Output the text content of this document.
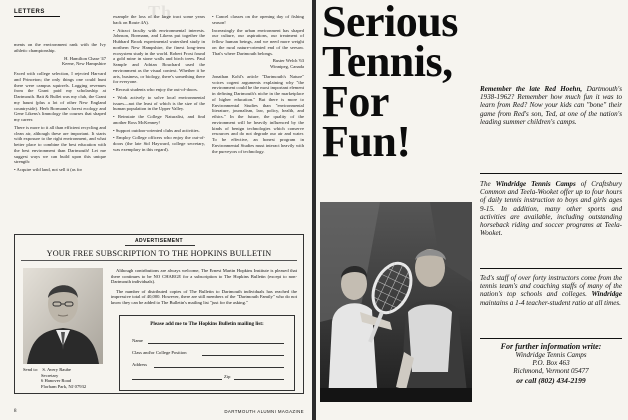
Th
LETTERS

ments on the environment rank with the Ivy athletic championship.

H. Hamilton Chase '47
Keene, New Hampshire

Faced with college selection, I rejected Harvard and Princeton; the only things one could hunt there were campus squirrels. Logging revenues from the Grant paid my scholarship at Dartmouth. Bait & Bullet was my club, the Grant my haunt (plus a lot of other New England countryside). Herb Bormann's forest ecology and Gene Likens's limnology the courses that shaped my career.

There is more to it all than efficient recycling and clean air, although these are important. It starts with exposure to the right environment, and what better place to combine the best education with the best environment than Dartmouth! Let me suggest ways we can build upon this unique strength:

• Acquire wild land, not sell it (as for

example the loss of the large tract some years back on Route 4A).

• Attract faculty with environmental interests. Johnson, Bormann, and Likens put together the Hubbard Brook experimental watershed study in northern New Hampshire, the finest long-term ecosystem study in the world. Robert Frost found a gold mine in stone walls and birch trees. Paul Sample and Adrian Bouchard used the environment as the visual context. Whether it be arts, business, or biology, there's something there for everyone.

• Recruit students who enjoy the out-of-doors.

• Work actively to solve local environmental issues—not the least of which is the size of the human population in the Upper Valley.

• Reinstate the College Naturalist, and find another Ross McKenney!

• Support outdoor-oriented clubs and activities.

• Employ College officers who enjoy the out-of-doors (the late Sid Hayward, college secretary, was exemplary in this regard).

• Cancel classes on the opening day of fishing season!

Increasingly the urban environment has shaped our culture, our aspirations, our treatment of fellow human beings, and we need more weight on the rural nature-oriented end of the seesaw. That's where Dartmouth belongs.

Buster Welch '63
Winnipeg, Canada

Jonathan Kohl's article "Dartmouth's Nature" voices cogent arguments explaining why "the environment could be the most important element in defining Dartmouth's niche in the marketplace of higher education." But there is more to Environmental Studies than "environmental literature, journalism, law, policy, health, and ethics." In the future, the quality of the environment will be heavily influenced by the kinds of benign technologies which conserve resources and do not degrade our air and water. To be effective, an honest program in Environmental Studies must interact heavily with the purveyors of technology.

ADVERTISEMENT
YOUR FREE SUBSCRIPTION TO THE HOPKINS BULLETIN

Although contributions are always welcome, The Ernest Martin Hopkins Institute is pleased that there continues to be NO CHARGE for a subscription to The Hopkins Bulletin (except to non-Dartmouth individuals).

The number of distributed copies of The Bulletin to Dartmouth individuals has reached the impressive total of 40,000. However, there are still members of the "Dartmouth Family" who do not know they can be added to The Bulletin's mailing list "just for the asking."

Please add me to The Hopkins Bulletin mailing list:
Name
Class and/or College Position
Address
Zip
Send to: S. Avery Raube
Secretary
6 Hanover Road
Florham Park, NJ 07932
8	DARTMOUTH ALUMNI MAGAZINE
Serious
Tennis,
For
Fun!
Remember the late Red Hoehn, Dartmouth's 1938-1962? Remember how much fun it was to learn from Red? Now your kids can "bone" their game from Red's son, Ted, at one of the nation's leading summer children's camps.
The Windridge Tennis Camps of Craftsbury Common and Teela-Wooket offer up to four hours of daily tennis instruction to boys and girls ages 9-15. In addition, many other sports and activities are available, including outstanding horseback riding and soccer programs at Teela-Wooket.
Ted's staff of over forty instructors come from the tennis team's and coaching staffs of many of the nation's top schools and colleges. Windridge maintains a 1-4 teacher-student ratio at all times.
For further information write:
Windridge Tennis Camps
P.O. Box 463
Richmond, Vermont 05477
or call (802) 434-2199
